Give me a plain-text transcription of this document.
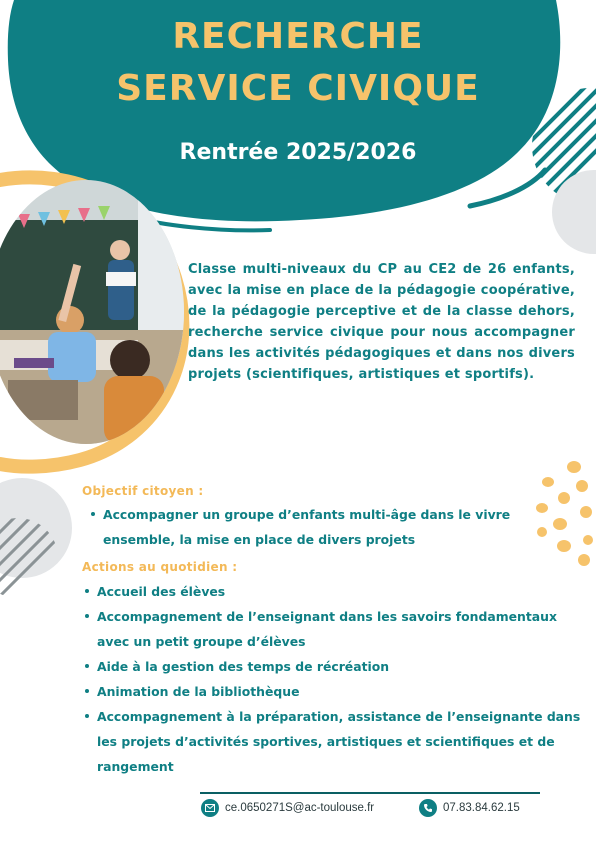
RECHERCHE
SERVICE CIVIQUE
Rentrée 2025/2026
Classe multi-niveaux du CP au CE2 de 26 enfants, avec la mise en place de la pédagogie coopérative, de la pédagogie perceptive et de la classe dehors, recherche service civique pour nous accompagner dans les activités pédagogiques et dans nos divers projets (scientifiques, artistiques et sportifs).
Objectif citoyen :
Accompagner un groupe d’enfants multi-âge dans le vivre ensemble, la mise en place de divers projets
Actions au quotidien :
Accueil des élèves
Accompagnement de l’enseignant dans les savoirs fondamentaux avec un petit groupe d’élèves
Aide à la gestion des temps de récréation
Animation de la bibliothèque
Accompagnement à la préparation, assistance de l’enseignante dans les projets d’activités sportives, artistiques et scientifiques et de rangement
ce.0650271S@ac-toulouse.fr	07.83.84.62.15
